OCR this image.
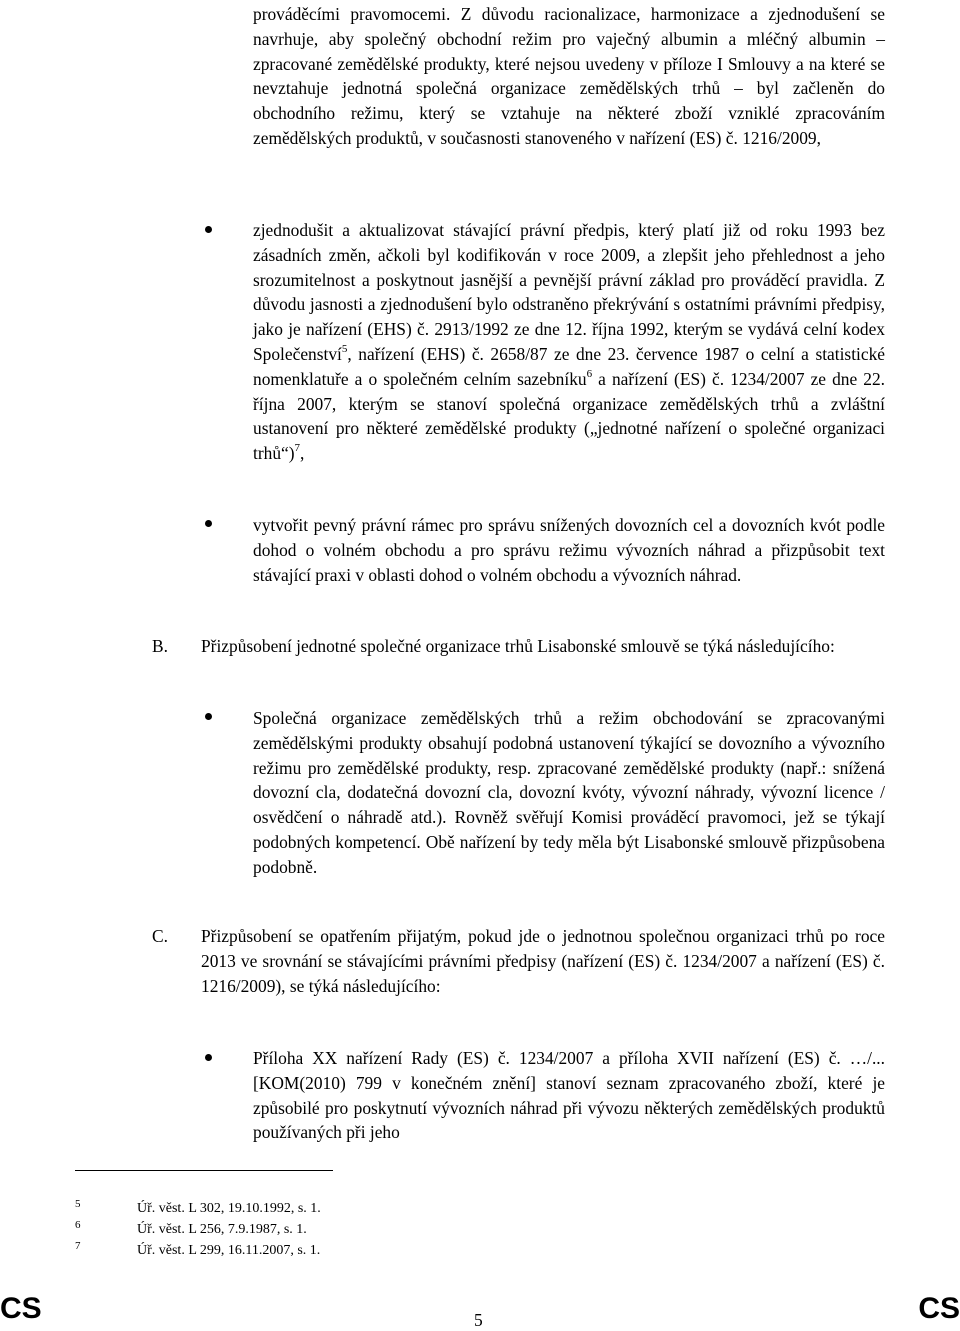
prováděcími pravomocemi. Z důvodu racionalizace, harmonizace a zjednodušení se navrhuje, aby společný obchodní režim pro vaječný albumin a mléčný albumin – zpracované zemědělské produkty, které nejsou uvedeny v příloze I Smlouvy a na které se nevztahuje jednotná společná organizace zemědělských trhů – byl začleněn do obchodního režimu, který se vztahuje na některé zboží vzniklé zpracováním zemědělských produktů, v současnosti stanoveného v nařízení (ES) č. 1216/2009,

zjednodušit a aktualizovat stávající právní předpis, který platí již od roku 1993 bez zásadních změn, ačkoli byl kodifikován v roce 2009, a zlepšit jeho přehlednost a jeho srozumitelnost a poskytnout jasnější a pevnější právní základ pro prováděcí pravidla. Z důvodu jasnosti a zjednodušení bylo odstraněno překrývání s ostatními právními předpisy, jako je nařízení (EHS) č. 2913/1992 ze dne 12. října 1992, kterým se vydává celní kodex Společenství$^5$, nařízení (EHS) č. 2658/87 ze dne 23. července 1987 o celní a statistické nomenklatuře a o společném celním sazebníku$^6$ a nařízení (ES) č. 1234/2007 ze dne 22. října 2007, kterým se stanoví společná organizace zemědělských trhů a zvláštní ustanovení pro některé zemědělské produkty („jednotné nařízení o společné organizaci trhů“)$^7$,

vytvořit pevný právní rámec pro správu snížených dovozních cel a dovozních kvót podle dohod o volném obchodu a pro správu režimu vývozních náhrad a přizpůsobit text stávající praxi v oblasti dohod o volném obchodu a vývozních náhrad.

B. Přizpůsobení jednotné společné organizace trhů Lisabonské smlouvě se týká následujícího:

Společná organizace zemědělských trhů a režim obchodování se zpracovanými zemědělskými produkty obsahují podobná ustanovení týkající se dovozního a vývozního režimu pro zemědělské produkty, resp. zpracované zemědělské produkty (např.: snížená dovozní cla, dodatečná dovozní cla, dovozní kvóty, vývozní náhrady, vývozní licence / osvědčení o náhradě atd.). Rovněž svěřují Komisi prováděcí pravomoci, jež se týkají podobných kompetencí. Obě nařízení by tedy měla být Lisabonské smlouvě přizpůsobena podobně.

C. Přizpůsobení se opatřením přijatým, pokud jde o jednotnou společnou organizaci trhů po roce 2013 ve srovnání se stávajícími právními předpisy (nařízení (ES) č. 1234/2007 a nařízení (ES) č. 1216/2009), se týká následujícího:

Příloha XX nařízení Rady (ES) č. 1234/2007 a příloha XVII nařízení (ES) č. …/... [KOM(2010) 799 v konečném znění] stanoví seznam zpracovaného zboží, které je způsobilé pro poskytnutí vývozních náhrad při vývozu některých zemědělských produktů používaných při jeho

5	Úř. věst. L 302, 19.10.1992, s. 1.
6	Úř. věst. L 256, 7.9.1987, s. 1.
7	Úř. věst. L 299, 16.11.2007, s. 1.
CS	5	CS
